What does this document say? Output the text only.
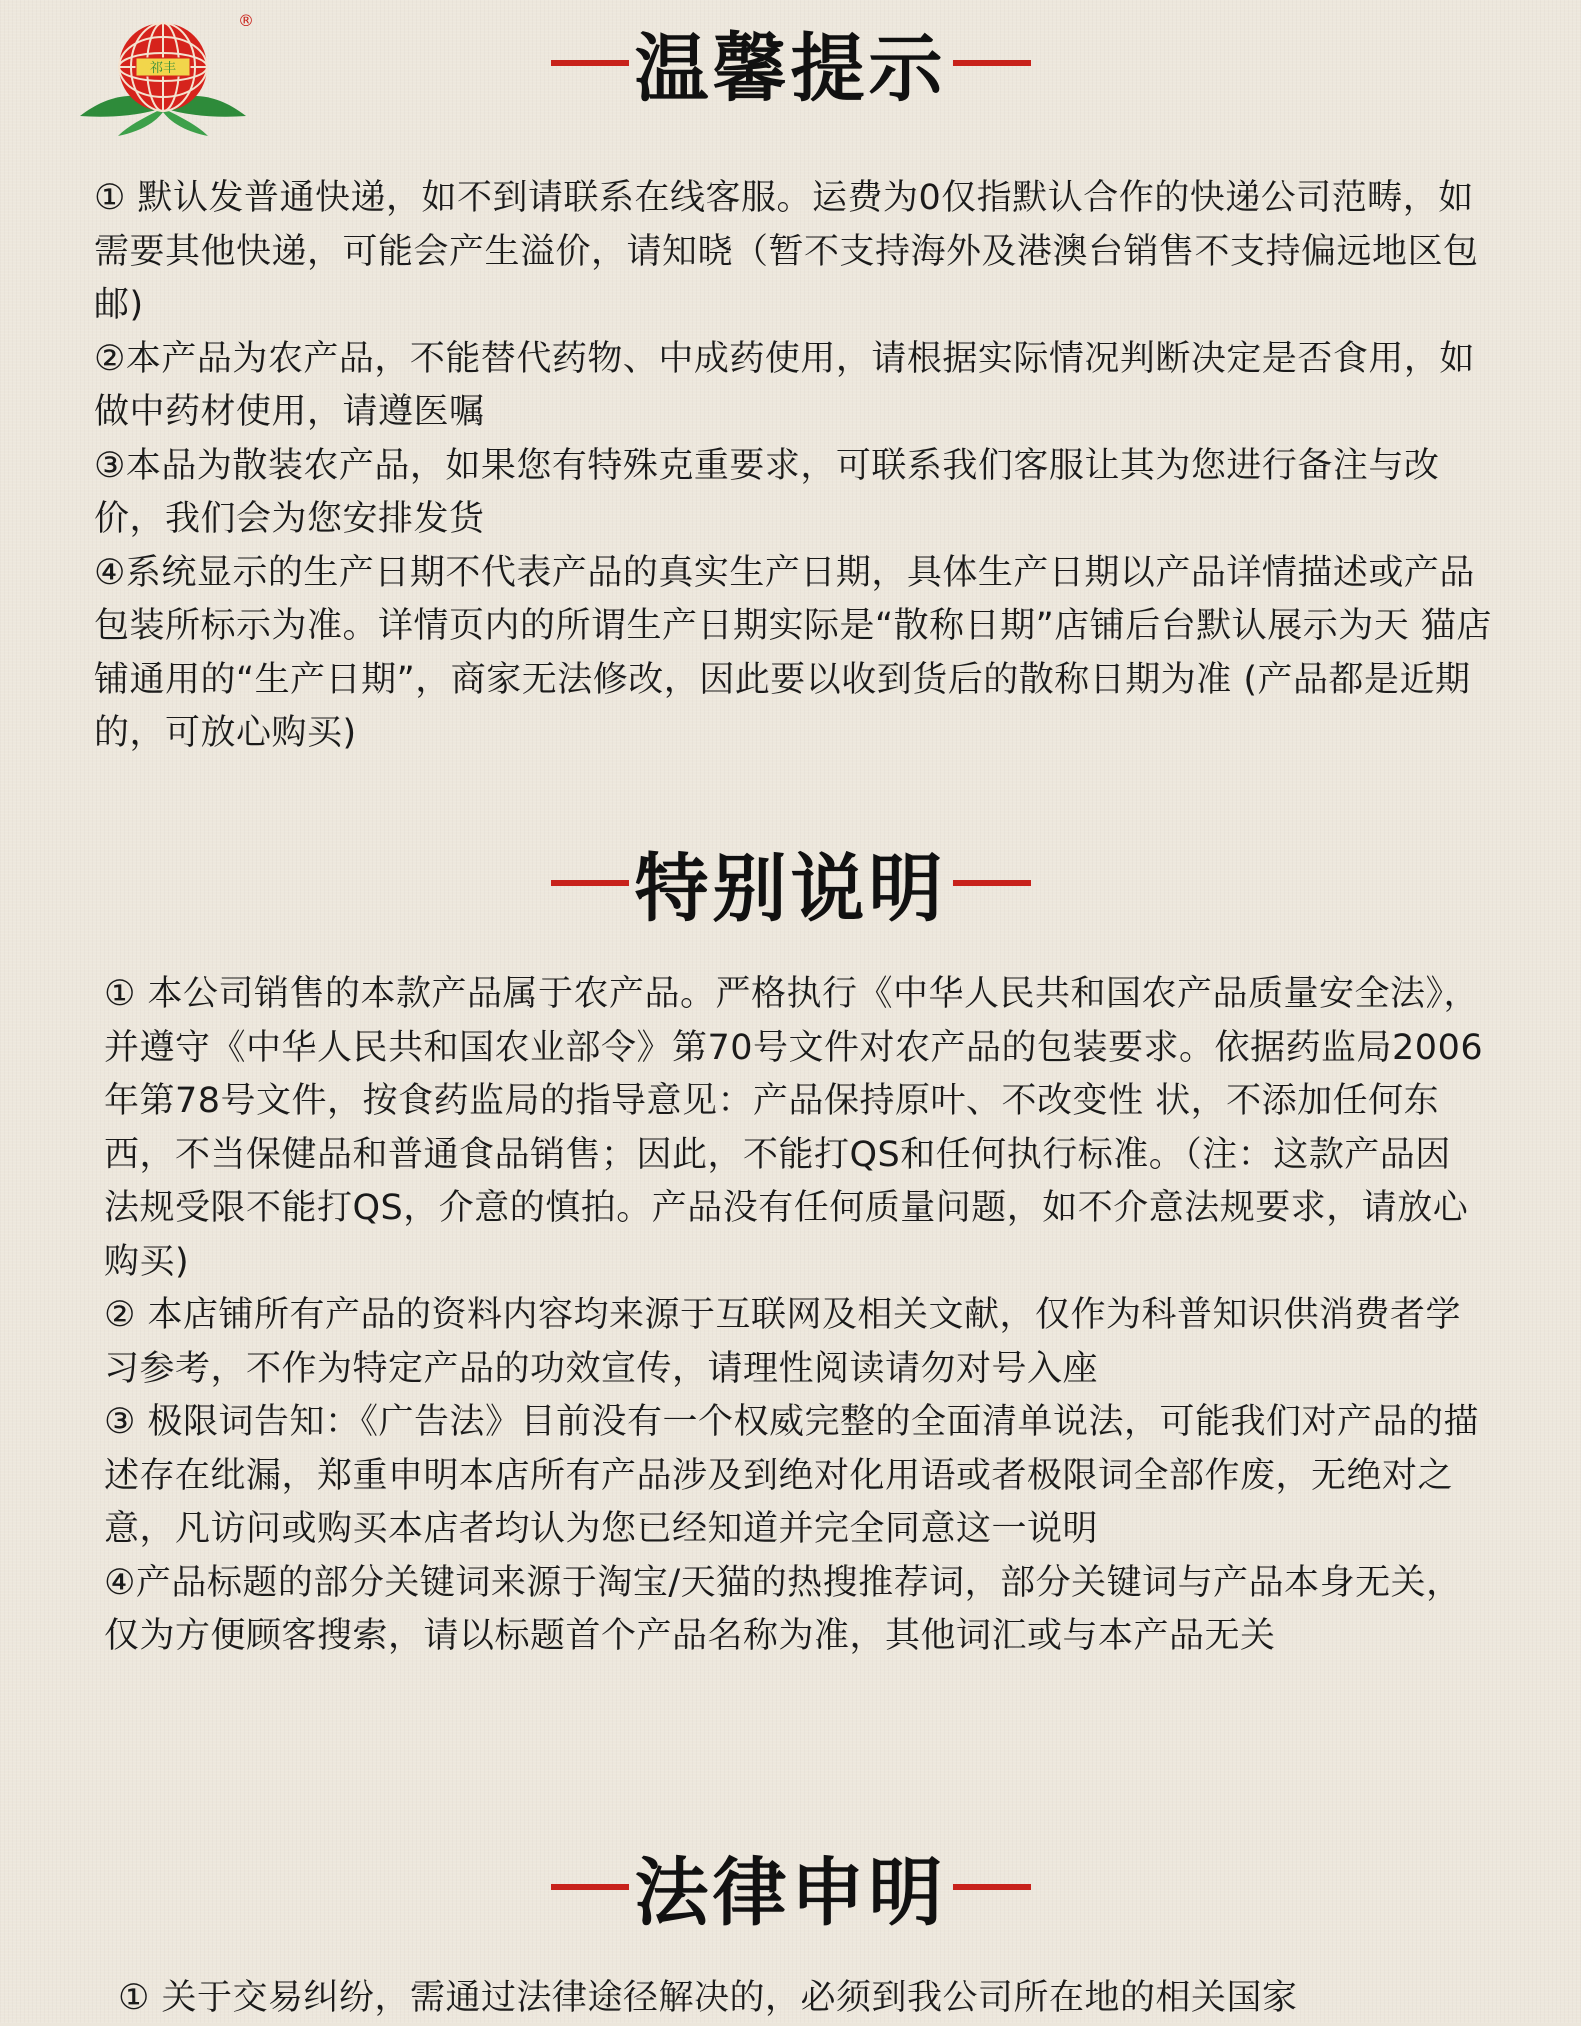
祁丰
®
温馨提示

① 默认发普通快递，如不到请联系在线客服。运费为0仅指默认合作的快递公司范畴，如需要其他快递，可能会产生溢价，请知晓（暂不支持海外及港澳台销售不支持偏远地区包邮)

②本产品为农产品，不能替代药物、中成药使用，请根据实际情况判断决定是否食用，如做中药材使用，请遵医嘱

③本品为散装农产品，如果您有特殊克重要求，可联系我们客服让其为您进行备注与改价，我们会为您安排发货

④系统显示的生产日期不代表产品的真实生产日期，具体生产日期以产品详情描述或产品包装所标示为准。详情页内的所谓生产日期实际是“散称日期”店铺后台默认展示为天 猫店铺通用的“生产日期”，商家无法修改，因此要以收到货后的散称日期为准 (产品都是近期的，可放心购买)

特别说明

① 本公司销售的本款产品属于农产品。严格执行《中华人民共和国农产品质量安全法》，并遵守《中华人民共和国农业部令》第70号文件对农产品的包装要求。依据药监局2006年第78号文件，按食药监局的指导意见：产品保持原叶、不改变性 状，不添加任何东西，不当保健品和普通食品销售；因此，不能打QS和任何执行标准。（注：这款产品因法规受限不能打QS，介意的慎拍。产品没有任何质量问题，如不介意法规要求，请放心购买)

② 本店铺所有产品的资料内容均来源于互联网及相关文献，仅作为科普知识供消费者学习参考，不作为特定产品的功效宣传，请理性阅读请勿对号入座

③ 极限词告知：《广告法》目前没有一个权威完整的全面清单说法，可能我们对产品的描述存在纰漏，郑重申明本店所有产品涉及到绝对化用语或者极限词全部作废，无绝对之意，凡访问或购买本店者均认为您已经知道并完全同意这一说明

④产品标题的部分关键词来源于淘宝/天猫的热搜推荐词，部分关键词与产品本身无关，仅为方便顾客搜索，请以标题首个产品名称为准，其他词汇或与本产品无关

法律申明

① 关于交易纠纷，需通过法律途径解决的，必须到我公司所在地的相关国家
